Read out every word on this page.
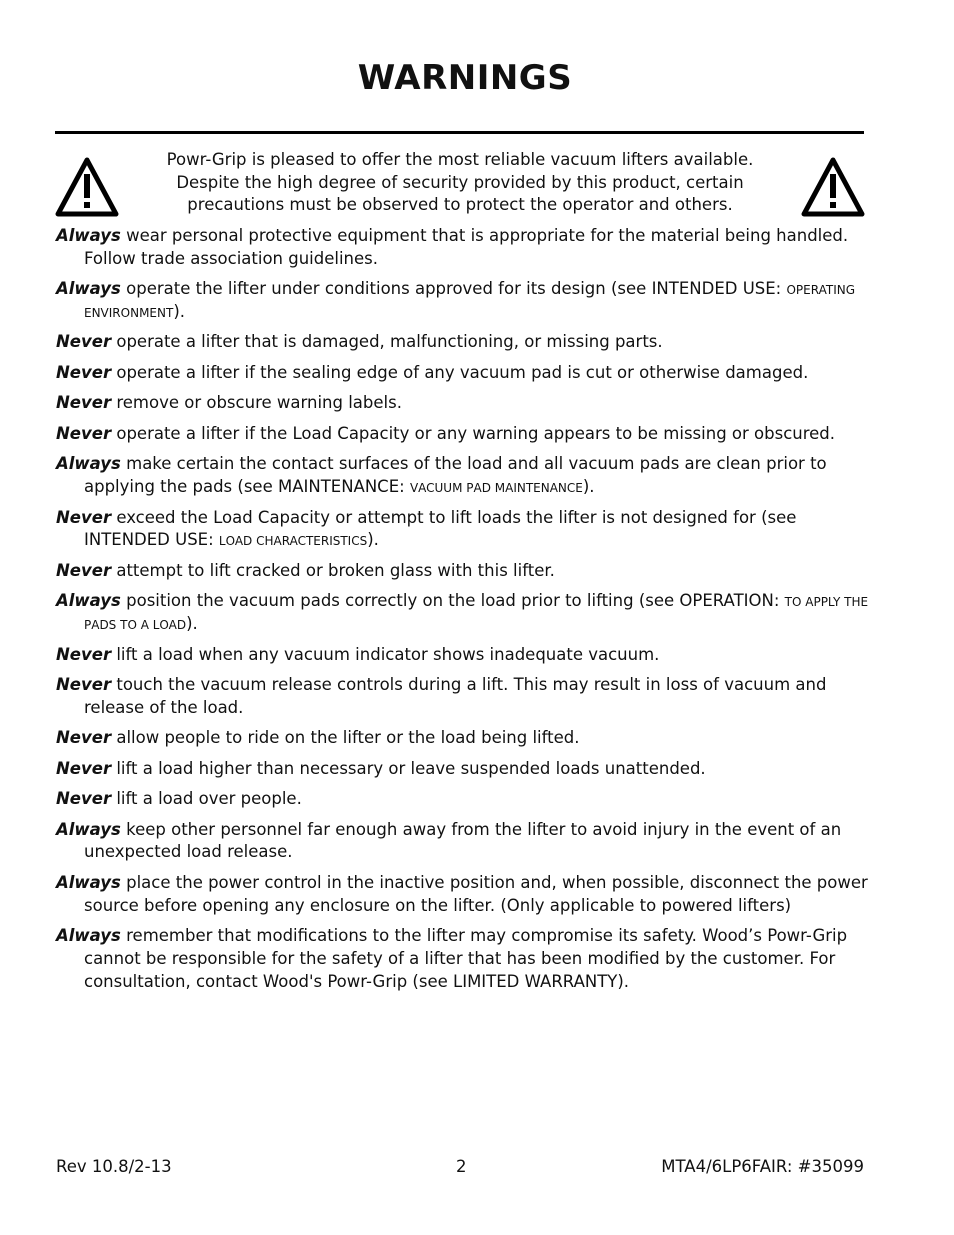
WARNINGS
Powr-Grip is pleased to offer the most reliable vacuum lifters available.
Despite the high degree of security provided by this product, certain
precautions must be observed to protect the operator and others.
Always wear personal protective equipment that is appropriate for the material being handled. Follow trade association guidelines.
Always operate the lifter under conditions approved for its design (see INTENDED USE: Operating Environment).
Never operate a lifter that is damaged, malfunctioning, or missing parts.
Never operate a lifter if the sealing edge of any vacuum pad is cut or otherwise damaged.
Never remove or obscure warning labels.
Never operate a lifter if the Load Capacity or any warning appears to be missing or obscured.
Always make certain the contact surfaces of the load and all vacuum pads are clean prior to applying the pads (see MAINTENANCE: Vacuum Pad Maintenance).
Never exceed the Load Capacity or attempt to lift loads the lifter is not designed for (see INTENDED USE: Load Characteristics).
Never attempt to lift cracked or broken glass with this lifter.
Always position the vacuum pads correctly on the load prior to lifting (see OPERATION: To Apply the Pads to a Load).
Never lift a load when any vacuum indicator shows inadequate vacuum.
Never touch the vacuum release controls during a lift. This may result in loss of vacuum and release of the load.
Never allow people to ride on the lifter or the load being lifted.
Never lift a load higher than necessary or leave suspended loads unattended.
Never lift a load over people.
Always keep other personnel far enough away from the lifter to avoid injury in the event of an unexpected load release.
Always place the power control in the inactive position and, when possible, disconnect the power source before opening any enclosure on the lifter. (Only applicable to powered lifters)
Always remember that modifications to the lifter may compromise its safety. Wood’s Powr-Grip cannot be responsible for the safety of a lifter that has been modified by the customer. For consultation, contact Wood's Powr-Grip (see LIMITED WARRANTY).
Rev 10.8/2-13	2	MTA4/6LP6FAIR: #35099
